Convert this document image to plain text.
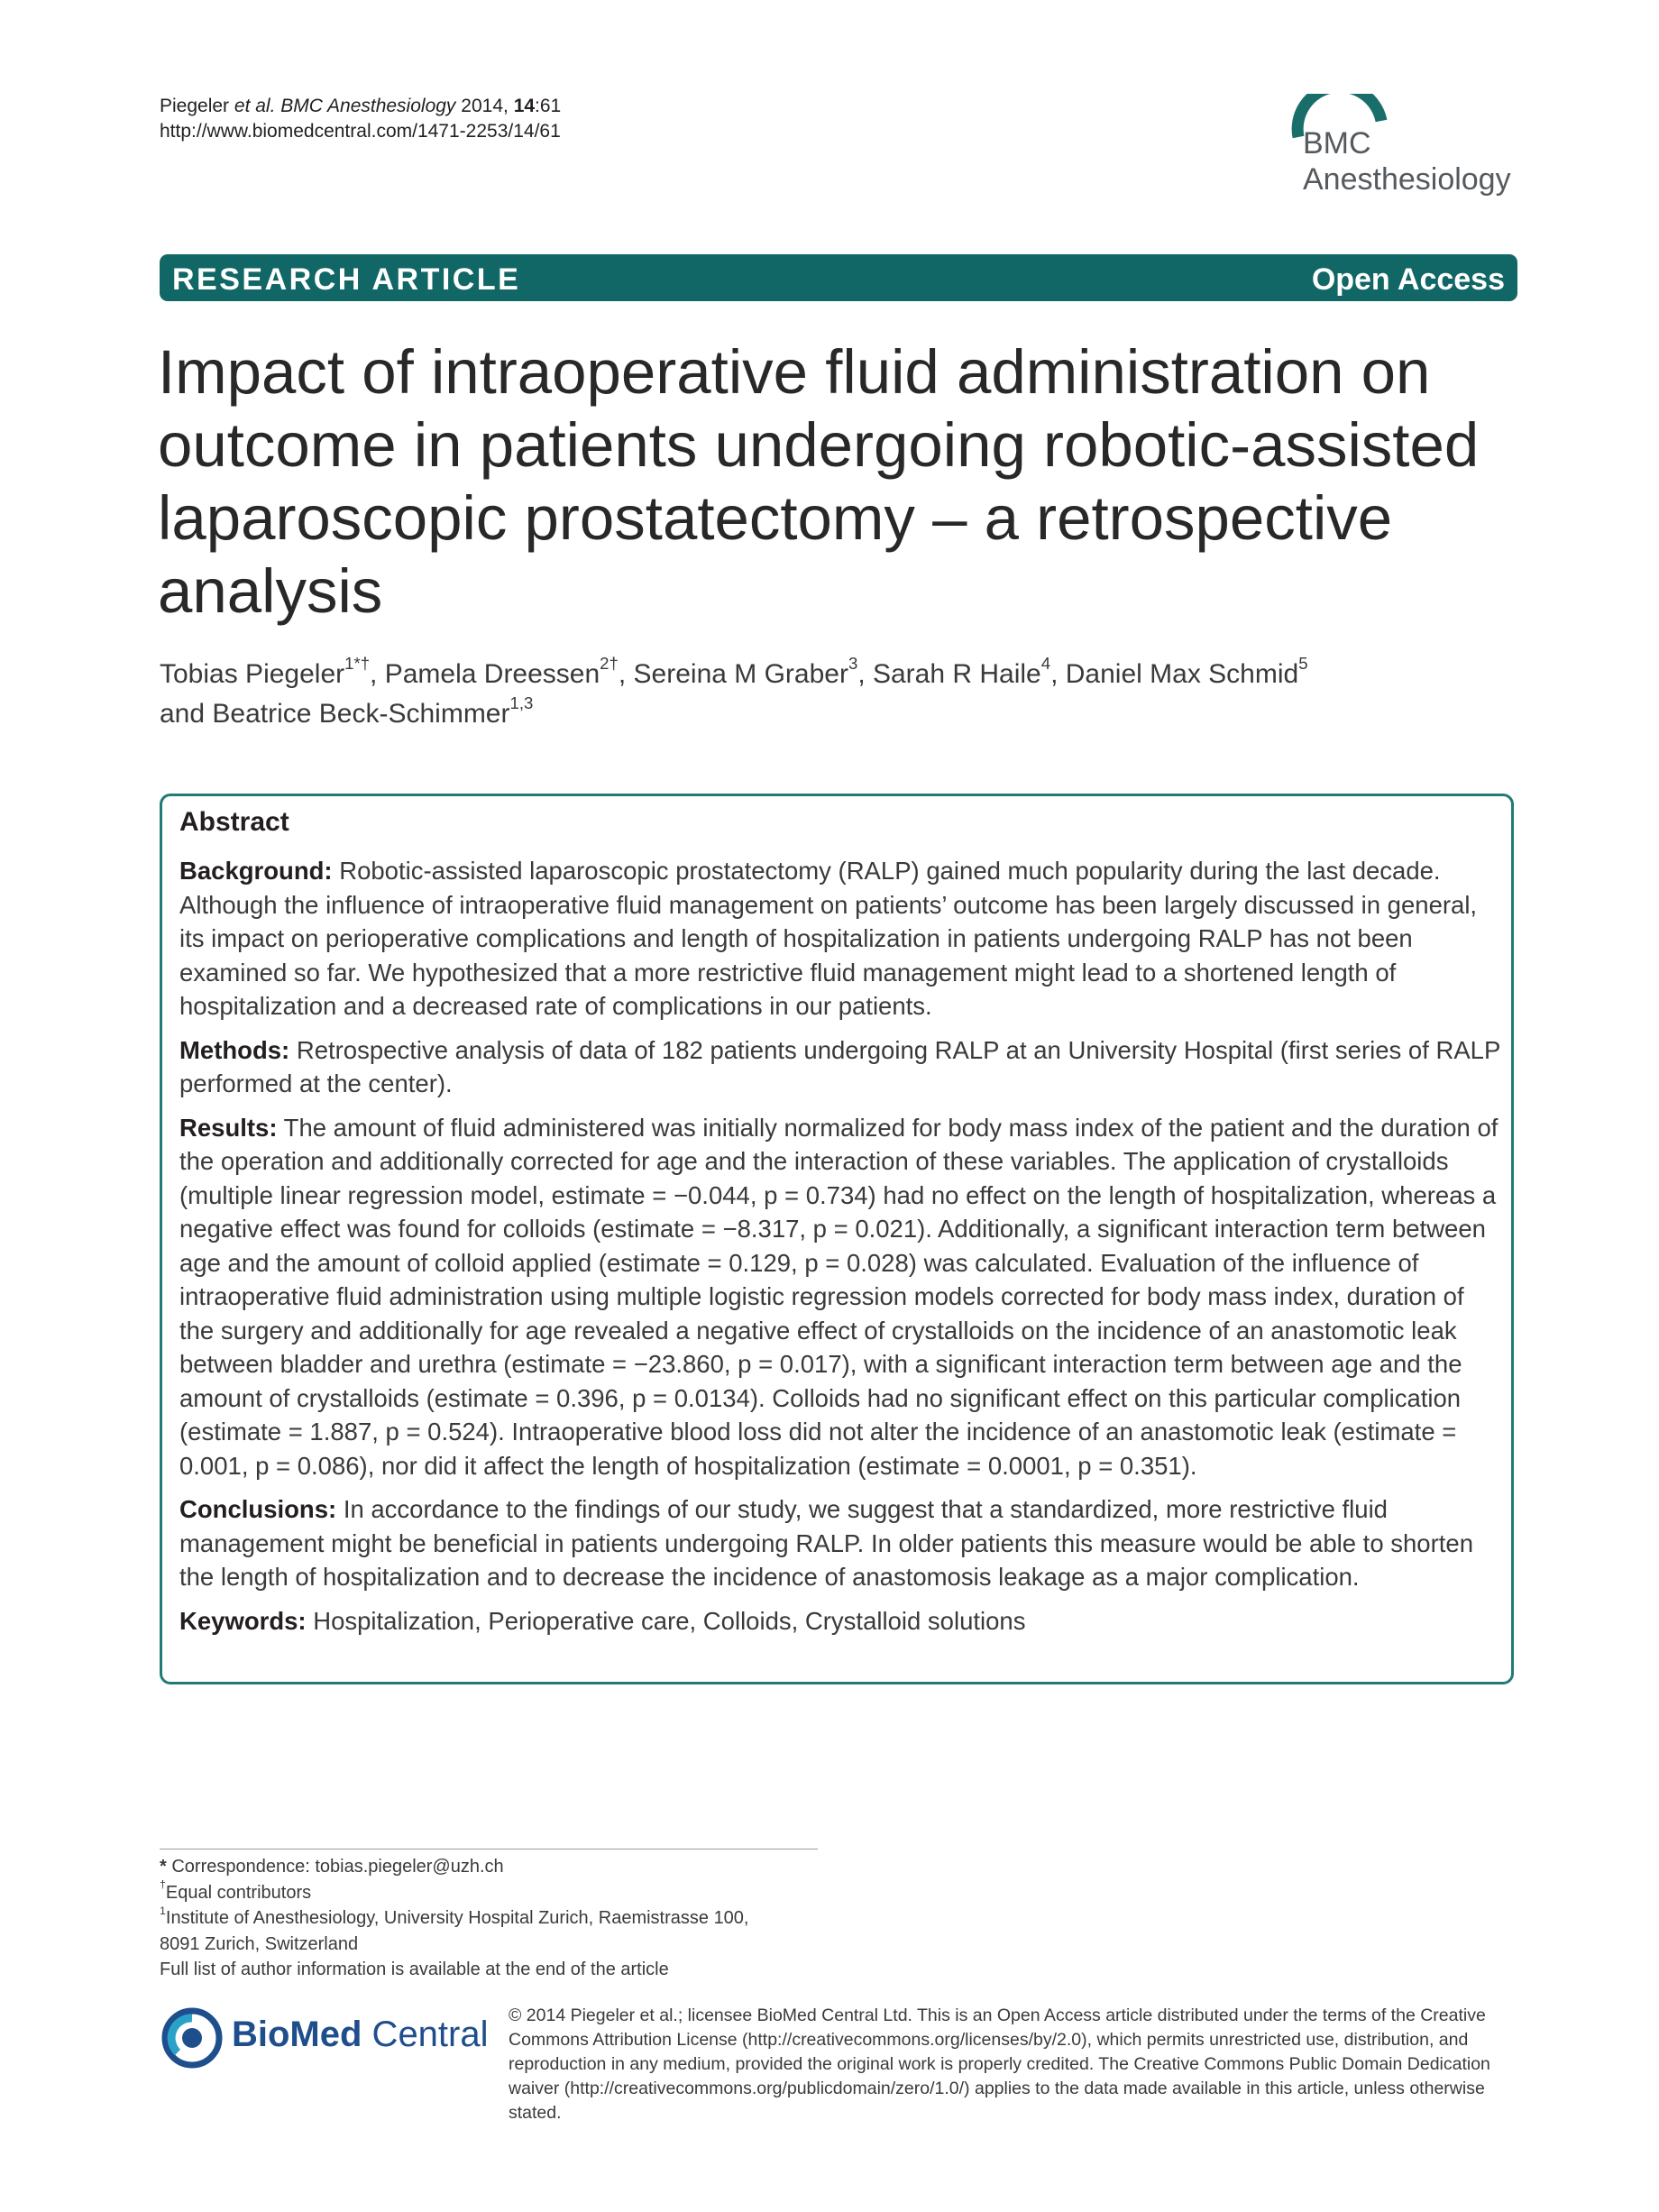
Piegeler et al. BMC Anesthesiology 2014, 14:61
http://www.biomedcentral.com/1471-2253/14/61	BMC
Anesthesiology
RESEARCH ARTICLE	Open Access
Impact of intraoperative fluid administration on outcome in patients undergoing robotic-assisted laparoscopic prostatectomy – a retrospective analysis
Tobias Piegeler$^{1*\dagger}$, Pamela Dreessen$^{2\dagger}$, Sereina M Graber$^3$, Sarah R Haile$^4$, Daniel Max Schmid$^5$
and Beatrice Beck-Schimmer$^{1,3}$
Abstract

Background: Robotic-assisted laparoscopic prostatectomy (RALP) gained much popularity during the last decade. Although the influence of intraoperative fluid management on patients’ outcome has been largely discussed in general, its impact on perioperative complications and length of hospitalization in patients undergoing RALP has not been examined so far. We hypothesized that a more restrictive fluid management might lead to a shortened length of hospitalization and a decreased rate of complications in our patients.

Methods: Retrospective analysis of data of 182 patients undergoing RALP at an University Hospital (first series of RALP performed at the center).

Results: The amount of fluid administered was initially normalized for body mass index of the patient and the duration of the operation and additionally corrected for age and the interaction of these variables. The application of crystalloids (multiple linear regression model, estimate = −0.044, p = 0.734) had no effect on the length of hospitalization, whereas a negative effect was found for colloids (estimate = −8.317, p = 0.021). Additionally, a significant interaction term between age and the amount of colloid applied (estimate = 0.129, p = 0.028) was calculated. Evaluation of the influence of intraoperative fluid administration using multiple logistic regression models corrected for body mass index, duration of the surgery and additionally for age revealed a negative effect of crystalloids on the incidence of an anastomotic leak between bladder and urethra (estimate = −23.860, p = 0.017), with a significant interaction term between age and the amount of crystalloids (estimate = 0.396, p = 0.0134). Colloids had no significant effect on this particular complication (estimate = 1.887, p = 0.524). Intraoperative blood loss did not alter the incidence of an anastomotic leak (estimate = 0.001, p = 0.086), nor did it affect the length of hospitalization (estimate = 0.0001, p = 0.351).

Conclusions: In accordance to the findings of our study, we suggest that a standardized, more restrictive fluid management might be beneficial in patients undergoing RALP. In older patients this measure would be able to shorten the length of hospitalization and to decrease the incidence of anastomosis leakage as a major complication.

Keywords: Hospitalization, Perioperative care, Colloids, Crystalloid solutions

* Correspondence: tobias.piegeler@uzh.ch
†Equal contributors
$^1$Institute of Anesthesiology, University Hospital Zurich, Raemistrasse 100,
8091 Zurich, Switzerland
Full list of author information is available at the end of the article
BioMed Central © 2014 Piegeler et al.; licensee BioMed Central Ltd. This is an Open Access article distributed under the terms of the Creative Commons Attribution License (http://creativecommons.org/licenses/by/2.0), which permits unrestricted use, distribution, and reproduction in any medium, provided the original work is properly credited. The Creative Commons Public Domain Dedication waiver (http://creativecommons.org/publicdomain/zero/1.0/) applies to the data made available in this article, unless otherwise stated.
